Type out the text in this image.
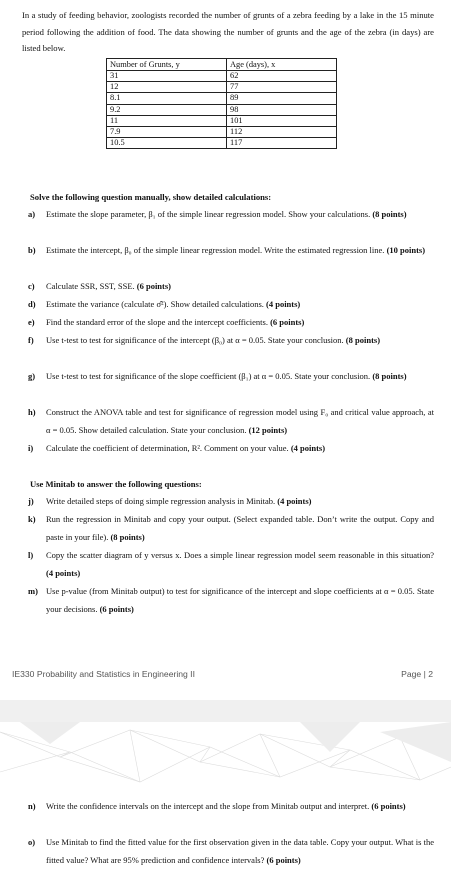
In a study of feeding behavior, zoologists recorded the number of grunts of a zebra feeding by a lake in the 15 minute period following the addition of food. The data showing the number of grunts and the age of the zebra (in days) are listed below.
Number of Grunts, y	Age (days), x
31	62
12	77
8.1	89
9.2	98
11	101
7.9	112
10.5	117
Solve the following question manually, show detailed calculations:
a) Estimate the slope parameter, β₁ of the simple linear regression model. Show your calculations. (8 points)
b) Estimate the intercept, β₀ of the simple linear regression model. Write the estimated regression line. (10 points)
c) Calculate SSR, SST, SSE. (6 points)
d) Estimate the variance (calculate σ̂²). Show detailed calculations. (4 points)
e) Find the standard error of the slope and the intercept coefficients. (6 points)
f) Use t-test to test for significance of the intercept (β₀) at α = 0.05. State your conclusion. (8 points)
g) Use t-test to test for significance of the slope coefficient (β₁) at α = 0.05. State your conclusion. (8 points)
h) Construct the ANOVA table and test for significance of regression model using F₀ and critical value approach, at α = 0.05. Show detailed calculation. State your conclusion. (12 points)
i) Calculate the coefficient of determination, R². Comment on your value. (4 points)
Use Minitab to answer the following questions:
j) Write detailed steps of doing simple regression analysis in Minitab. (4 points)
k) Run the regression in Minitab and copy your output. (Select expanded table. Don’t write the output. Copy and paste in your file). (8 points)
l) Copy the scatter diagram of y versus x. Does a simple linear regression model seem reasonable in this situation? (4 points)
m) Use p-value (from Minitab output) to test for significance of the intercept and slope coefficients at α = 0.05. State your decisions. (6 points)
IE330 Probability and Statistics in Engineering II	Page | 2
n) Write the confidence intervals on the intercept and the slope from Minitab output and interpret. (6 points)
o) Use Minitab to find the fitted value for the first observation given in the data table. Copy your output. What is the fitted value? What are 95% prediction and confidence intervals? (6 points)
